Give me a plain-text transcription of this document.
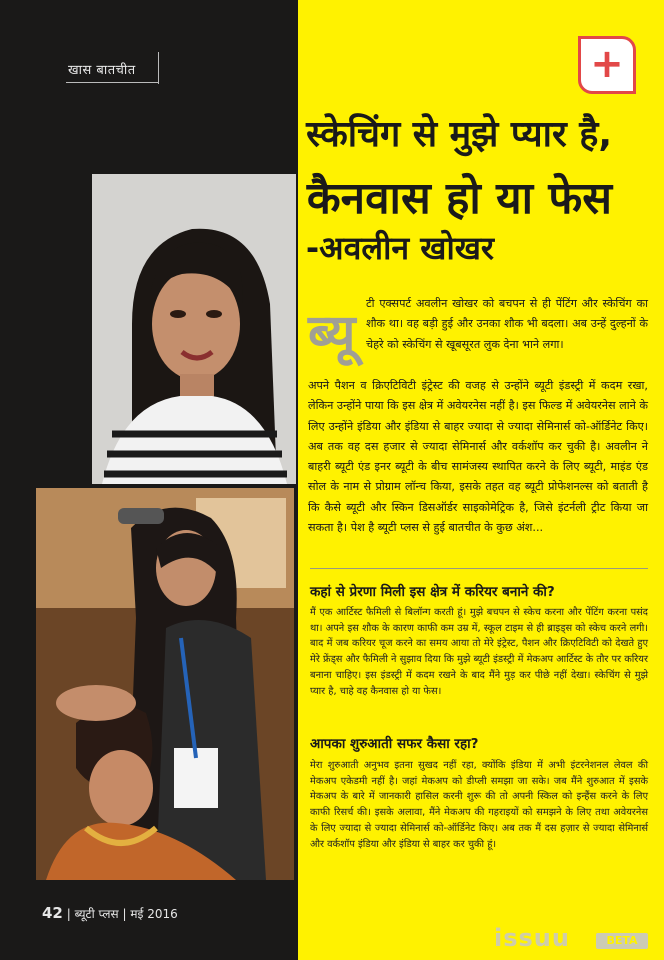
खास बातचीत	+
स्केचिंग से मुझे प्यार है,
कैनवास हो या फेस
-अवलीन खोखर
ब्यू
टी एक्सपर्ट अवलीन खोखर को बचपन से ही पेंटिंग और स्केचिंग का शौक था। वह बड़ी हुई और उनका शौक भी बदला। अब उन्हें दुल्हनों के चेहरे को स्केचिंग से खूबसूरत लुक देना भाने लगा।
अपने पैशन व क्रिएटिविटी इंट्रेस्ट की वजह से उन्होंने ब्यूटी इंडस्ट्री में कदम रखा, लेकिन उन्होंने पाया कि इस क्षेत्र में अवेयरनेस नहीं है। इस फिल्ड में अवेयरनेस लाने के लिए उन्होंने इंडिया और इंडिया से बाहर ज्यादा से ज्यादा सेमिनार्स को-ऑर्डिनेट किए। अब तक वह दस हजार से ज्यादा सेमिनार्स और वर्कशॉप कर चुकी है। अवलीन ने बाहरी ब्यूटी एंड इनर ब्यूटी के बीच सामंजस्य स्थापित करने के लिए ब्यूटी, माइंड एंड सोल के नाम से प्रोग्राम लॉन्च किया, इसके तहत वह ब्यूटी प्रोफेशनल्स को बताती है कि कैसे ब्यूटी और स्किन डिसऑर्डर साइकोमेट्रिक है, जिसे इंटर्नली ट्रीट किया जा सकता है। पेश है ब्यूटी प्लस से हुई बातचीत के कुछ अंश...
कहां से प्रेरणा मिली इस क्षेत्र में करियर बनाने की?
मैं एक आर्टिस्ट फैमिली से बिलॉन्ग करती हूं। मुझे बचपन से स्केच करना और पेंटिंग करना पसंद था। अपने इस शौक के कारण काफी कम उम्र में, स्कूल टाइम से ही ब्राइड्स को स्केच करने लगी। बाद में जब करियर चूज करने का समय आया तो मेरे इंट्रेस्ट, पैशन और क्रिएटिविटी को देखते हुए मेरे फ्रेंड्स और फैमिली ने सुझाव दिया कि मुझे ब्यूटी इंडस्ट्री में मेकअप आर्टिस्ट के तौर पर करियर बनाना चाहिए। इस इंडस्ट्री में कदम रखने के बाद मैंने मुड़ कर पीछे नहीं देखा। स्केचिंग से मुझे प्यार है, चाहे वह कैनवास हो या फेस।
आपका शुरुआती सफर कैसा रहा?
मेरा शुरुआती अनुभव इतना सुखद नहीं रहा, क्योंकि इंडिया में अभी इंटरनेशनल लेवल की मेकअप एकेडमी नहीं है। जहां मेकअप को डीप्ली समझा जा सके। जब मैंने शुरुआत में इसके मेकअप के बारे में जानकारी हासिल करनी शुरू की तो अपनी स्किल को इन्हैंस करने के लिए काफी रिसर्च की। इसके अलावा, मैंने मेकअप की गहराइयों को समझने के लिए तथा अवेयरनेस के लिए ज्यादा से ज्यादा सेमिनार्स को-ऑर्डिनेट किए। अब तक मैं दस हज़ार से ज्यादा सेमिनार्स और वर्कशॉप इंडिया और इंडिया से बाहर कर चुकी हूं।
42 | ब्यूटी प्लस | मई 2016
issuu	BETA
